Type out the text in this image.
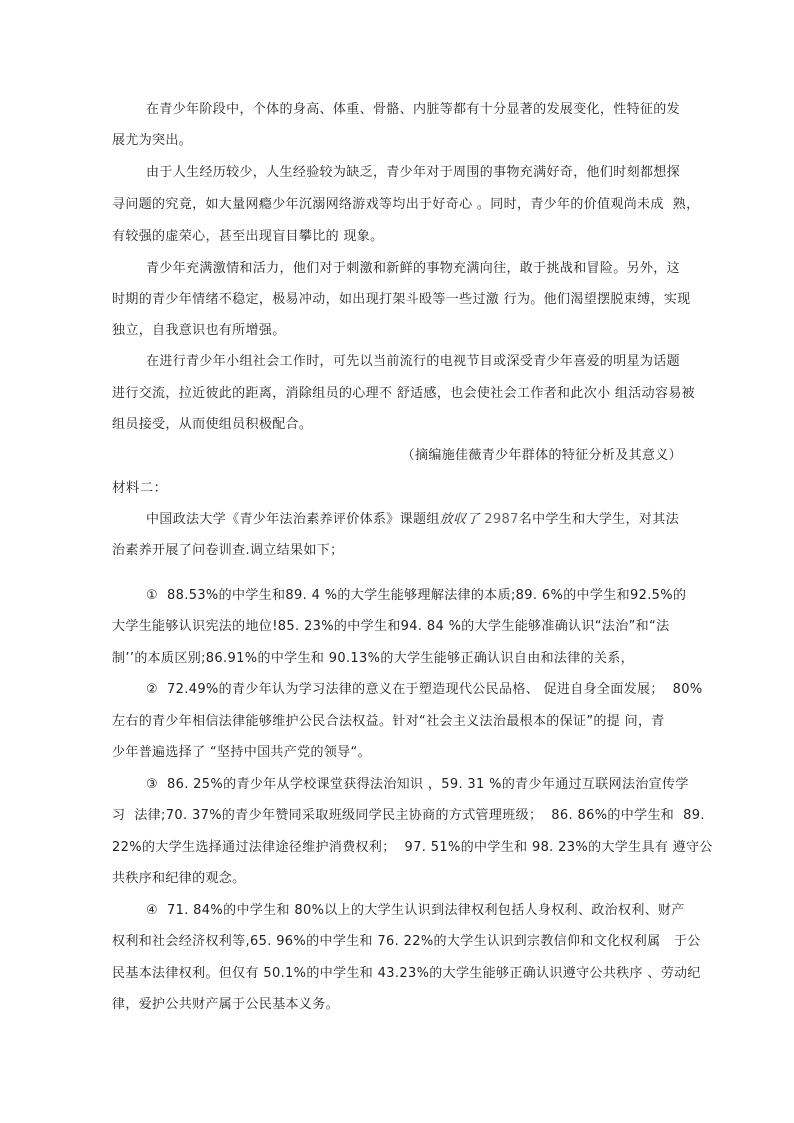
在青少年阶段中，个体的身高、体重、骨骼、内脏等都有十分显著的发展变化，性特征的发
展尤为突出。
由于人生经历较少，人生经验较为缺乏，青少年对于周围的事物充满好奇，他们时刻都想探
寻问题的究竟，如大量网瘾少年沉溺网络游戏等均出于好奇心 。同时，青少年的价值观尚未成  熟，
有较强的虚荣心，甚至出现盲目攀比的 现象。
青少年充满激情和活力，他们对于刺激和新鲜的事物充满向往，敢于挑战和冒险。另外，这
时期的青少年情绪不稳定，极易冲动，如出现打架斗殴等一些过激 行为。他们渴望摆脱束缚，实现
独立，自我意识也有所增强。
在进行青少年小组社会工作时，可先以当前流行的电视节目或深受青少年喜爱的明星为话题
进行交流，拉近彼此的距离，消除组员的心理不 舒适感，也会使社会工作者和此次小 组活动容易被
组员接受，从而使组员积极配合。
（摘编施佳薇青少年群体的特征分析及其意义）
材料二：
中国政法大学《青少年法治素养评价体系》课题组放収了 2987名中学生和大学生，对其法
治素养开展了问卷训查.调立结果如下；
①  88.53%的中学生和89. 4 %的大学生能够理解法律的本质;89. 6%的中学生和92.5%的
大学生能够认识宪法的地位!85. 23%的中学生和94. 84 %的大学生能够准确认识“法治”和“法
制’’的本质区别;86.91%的中学生和 90.13%的大学生能够正确认识自由和法律的关系，
②  72.49%的青少年认为学习法律的意义在于塑造现代公民品格、 促进自身全面发展；  80%
左右的青少年相信法律能够维护公民合法权益。针对“社会主义法治最根本的保证”的提 问，青
少年普遍选择了 “坚持中国共产党的领导“。
③  86. 25%的青少年从学校课堂获得法治知识 ，59. 31 %的青少年通过互联网法治宣传学
习  法律;70. 37%的青少年赞同采取班级同学民主协商的方式管理班级；  86. 86%的中学生和  89.
22%的大学生选择通过法律途径维护消费权利；  97. 51%的中学生和 98. 23%的大学生具有 遵守公
共秩序和纪律的观念。
④  71. 84%的中学生和 80%以上的大学生认识到法律权利包括人身权利、政治权利、财产
权利和社会经济权利等,65. 96%的中学生和 76. 22%的大学生认识到宗教信仰和文化权利属   于公
民基本法律权利。但仅有 50.1%的中学生和 43.23%的大学生能够正确认识遵守公共秩序 、劳动纪
律，爱护公共财产属于公民基本义务。
